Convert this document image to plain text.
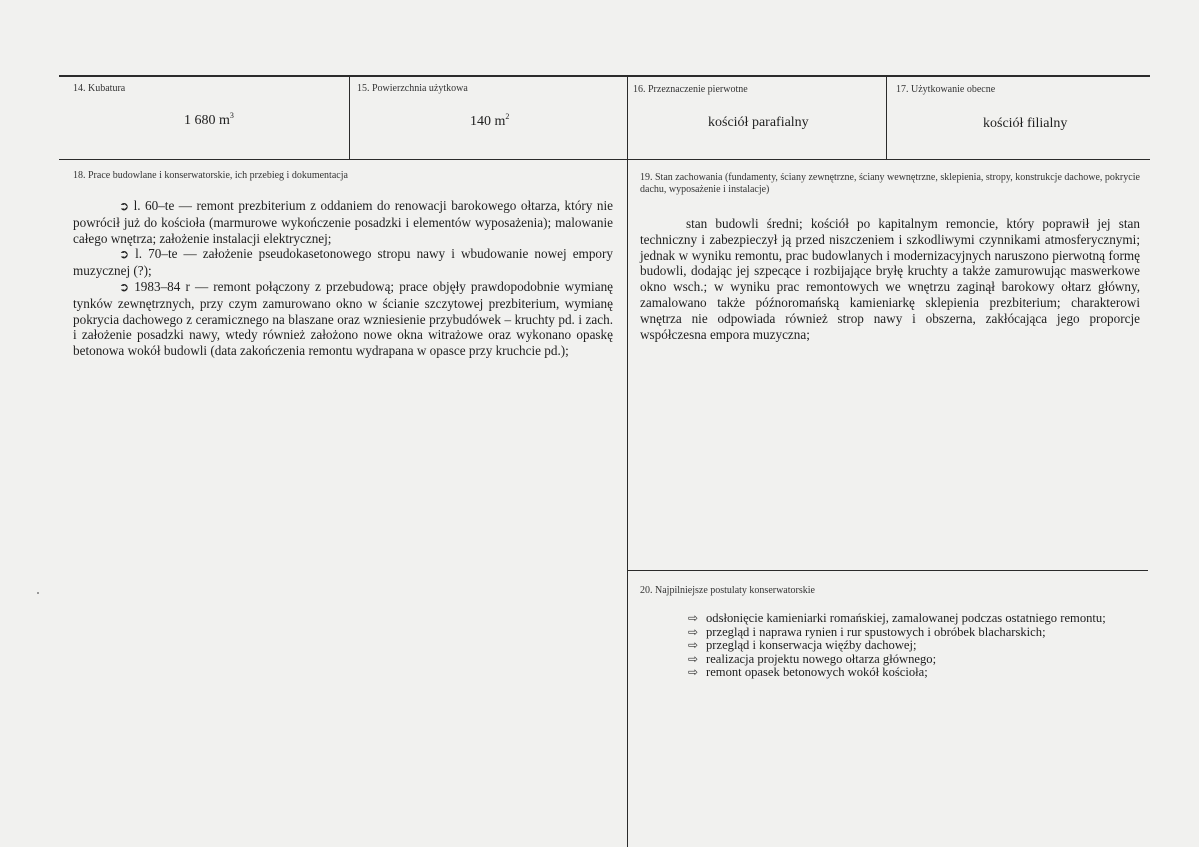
14. Kubatura
1 680 $m^3$
15. Powierzchnia użytkowa
140 $m^2$
16. Przeznaczenie pierwotne
kościół parafialny
17. Użytkowanie obecne
kościół filialny
18. Prace budowlane i konserwatorskie, ich przebieg i dokumentacja

➲ l. 60–te — remont prezbiterium z oddaniem do renowacji barokowego ołtarza, który nie powrócił już do kościoła (marmurowe wykończenie posadzki i elementów wyposażenia); malowanie całego wnętrza; założenie instalacji elektrycznej;

➲ l. 70–te — założenie pseudokasetonowego stropu nawy i wbudowanie nowej empory muzycznej (?);

➲ 1983–84 r — remont połączony z przebudową; prace objęły prawdopodobnie wymianę tynków zewnętrznych, przy czym zamurowano okno w ścianie szczytowej prezbiterium, wymianę pokrycia dachowego z ceramicznego na blaszane oraz wzniesienie przybudówek – kruchty pd. i zach. i założenie posadzki nawy, wtedy również założono nowe okna witrażowe oraz wykonano opaskę betonowa wokół budowli (data zakończenia remontu wydrapana w opasce przy kruchcie pd.);

19. Stan zachowania (fundamenty, ściany zewnętrzne, ściany wewnętrzne, sklepienia, stropy, konstrukcje dachowe, pokrycie dachu, wyposażenie i instalacje)

stan budowli średni; kościół po kapitalnym remoncie, który poprawił jej stan techniczny i zabezpieczył ją przed niszczeniem i szkodliwymi czynnikami atmosferycznymi; jednak w wyniku remontu, prac budowlanych i modernizacyjnych naruszono pierwotną formę budowli, dodając jej szpecące i rozbijające bryłę kruchty a także zamurowując maswerkowe okno wsch.; w wyniku prac remontowych we wnętrzu zaginął barokowy ołtarz główny, zamalowano także późnoromańską kamieniarkę sklepienia prezbiterium; charakterowi wnętrza nie odpowiada również strop nawy i obszerna, zakłócająca jego proporcje współczesna empora muzyczna;

20. Najpilniejsze postulaty konserwatorskie
⇨ odsłonięcie kamieniarki romańskiej, zamalowanej podczas ostatniego remontu;
⇨ przegląd i naprawa rynien i rur spustowych i obróbek blacharskich;
⇨ przegląd i konserwacja więźby dachowej;
⇨ realizacja projektu nowego ołtarza głównego;
⇨ remont opasek betonowych wokół kościoła;
